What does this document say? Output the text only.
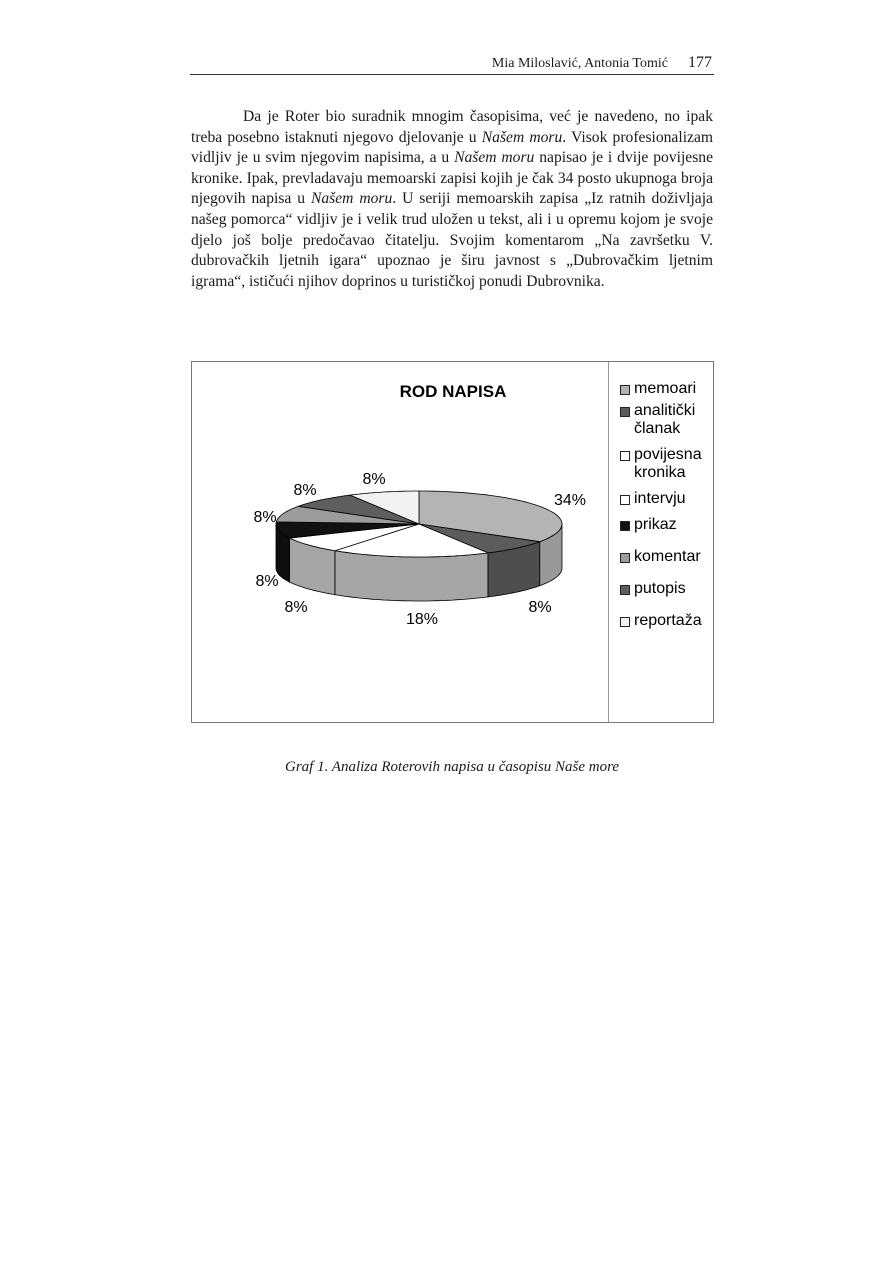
Mia Miloslavić, Antonia Tomić 177
Da je Roter bio suradnik mnogim časopisima, već je navedeno, no ipak treba posebno istaknuti njegovo djelovanje u Našem moru. Visok profesionalizam vidljiv je u svim njegovim napisima, a u Našem moru napisao je i dvije povijesne kronike. Ipak, prevladavaju memoarski zapisi kojih je čak 34 posto ukupnoga broja njegovih napisa u Našem moru. U seriji memoarskih zapisa „Iz ratnih doživljaja našeg pomorca“ vidljiv je i velik trud uložen u tekst, ali i u opremu kojom je svoje djelo još bolje predočavao čitatelju. Svojim komentarom „Na završetku V. dubrovačkih ljetnih igara“ upoznao je širu javnost s „Dubrovačkim ljetnim igrama“, ističući njihov doprinos u turističkoj ponudi Dubrovnika.
ROD NAPISA
34%
8%
18%
8%
8%
8%
8%
8%
memoari
analitički
članak
povijesna
kronika
intervju
prikaz
komentar
putopis
reportaža
Graf 1. Analiza Roterovih napisa u časopisu Naše more
